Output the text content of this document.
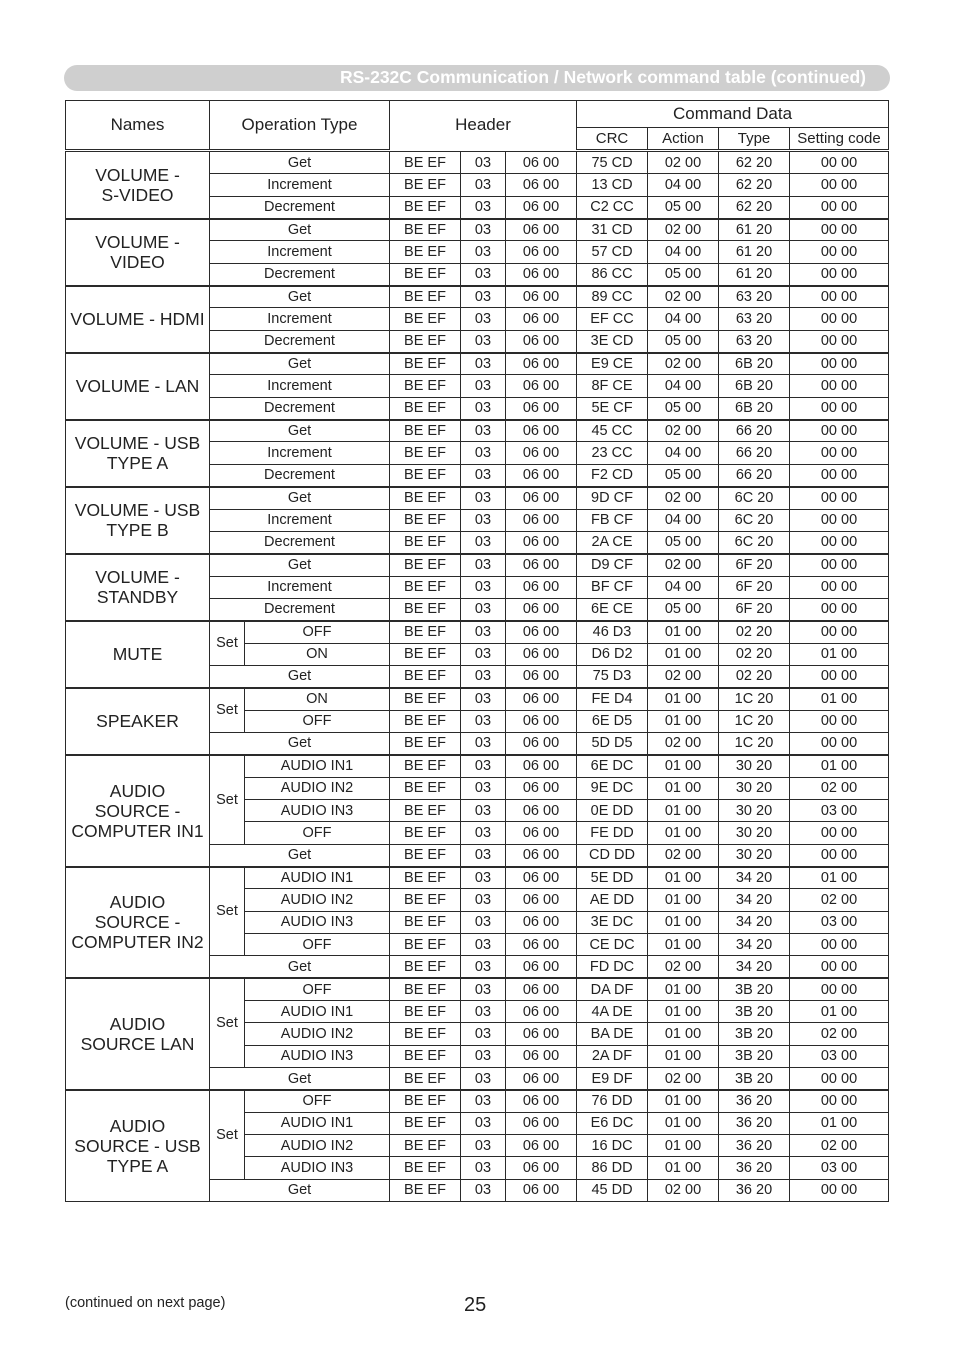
RS-232C Communication / Network command table (continued)
Names	Operation Type	Header	Command Data			
			CRC	Action	Type	Setting code
VOLUME -
S-VIDEO	Get		BE EF	03	06 00	75 CD	02 00	62 20	00 00
	Increment		BE EF	03	06 00	13 CD	04 00	62 20	00 00
	Decrement		BE EF	03	06 00	C2 CC	05 00	62 20	00 00
VOLUME -
VIDEO	Get		BE EF	03	06 00	31 CD	02 00	61 20	00 00
	Increment		BE EF	03	06 00	57 CD	04 00	61 20	00 00
	Decrement		BE EF	03	06 00	86 CC	05 00	61 20	00 00
VOLUME - HDMI	Get		BE EF	03	06 00	89 CC	02 00	63 20	00 00
	Increment		BE EF	03	06 00	EF CC	04 00	63 20	00 00
	Decrement		BE EF	03	06 00	3E CD	05 00	63 20	00 00
VOLUME - LAN	Get		BE EF	03	06 00	E9 CE	02 00	6B 20	00 00
	Increment		BE EF	03	06 00	8F CE	04 00	6B 20	00 00
	Decrement		BE EF	03	06 00	5E CF	05 00	6B 20	00 00
VOLUME - USB
TYPE A	Get		BE EF	03	06 00	45 CC	02 00	66 20	00 00
	Increment		BE EF	03	06 00	23 CC	04 00	66 20	00 00
	Decrement		BE EF	03	06 00	F2 CD	05 00	66 20	00 00
VOLUME - USB
TYPE B	Get		BE EF	03	06 00	9D CF	02 00	6C 20	00 00
	Increment		BE EF	03	06 00	FB CF	04 00	6C 20	00 00
	Decrement		BE EF	03	06 00	2A CE	05 00	6C 20	00 00
VOLUME -
STANDBY	Get		BE EF	03	06 00	D9 CF	02 00	6F 20	00 00
	Increment		BE EF	03	06 00	BF CF	04 00	6F 20	00 00
	Decrement		BE EF	03	06 00	6E CE	05 00	6F 20	00 00
MUTE	Set	OFF	BE EF	03	06 00	46 D3	01 00	02 20	00 00
		ON	BE EF	03	06 00	D6 D2	01 00	02 20	01 00
	Get		BE EF	03	06 00	75 D3	02 00	02 20	00 00
SPEAKER	Set	ON	BE EF	03	06 00	FE D4	01 00	1C 20	01 00
		OFF	BE EF	03	06 00	6E D5	01 00	1C 20	00 00
	Get		BE EF	03	06 00	5D D5	02 00	1C 20	00 00
AUDIO
SOURCE -
COMPUTER IN1	Set	AUDIO IN1	BE EF	03	06 00	6E DC	01 00	30 20	01 00
		AUDIO IN2	BE EF	03	06 00	9E DC	01 00	30 20	02 00
		AUDIO IN3	BE EF	03	06 00	0E DD	01 00	30 20	03 00
		OFF	BE EF	03	06 00	FE DD	01 00	30 20	00 00
	Get		BE EF	03	06 00	CD DD	02 00	30 20	00 00
AUDIO
SOURCE -
COMPUTER IN2	Set	AUDIO IN1	BE EF	03	06 00	5E DD	01 00	34 20	01 00
		AUDIO IN2	BE EF	03	06 00	AE DD	01 00	34 20	02 00
		AUDIO IN3	BE EF	03	06 00	3E DC	01 00	34 20	03 00
		OFF	BE EF	03	06 00	CE DC	01 00	34 20	00 00
	Get		BE EF	03	06 00	FD DC	02 00	34 20	00 00
AUDIO
SOURCE LAN	Set	OFF	BE EF	03	06 00	DA DF	01 00	3B 20	00 00
		AUDIO IN1	BE EF	03	06 00	4A DE	01 00	3B 20	01 00
		AUDIO IN2	BE EF	03	06 00	BA DE	01 00	3B 20	02 00
		AUDIO IN3	BE EF	03	06 00	2A DF	01 00	3B 20	03 00
	Get		BE EF	03	06 00	E9 DF	02 00	3B 20	00 00
AUDIO
SOURCE - USB
TYPE A	Set	OFF	BE EF	03	06 00	76 DD	01 00	36 20	00 00
		AUDIO IN1	BE EF	03	06 00	E6 DC	01 00	36 20	01 00
		AUDIO IN2	BE EF	03	06 00	16 DC	01 00	36 20	02 00
		AUDIO IN3	BE EF	03	06 00	86 DD	01 00	36 20	03 00
	Get		BE EF	03	06 00	45 DD	02 00	36 20	00 00
(continued on next page)	25
